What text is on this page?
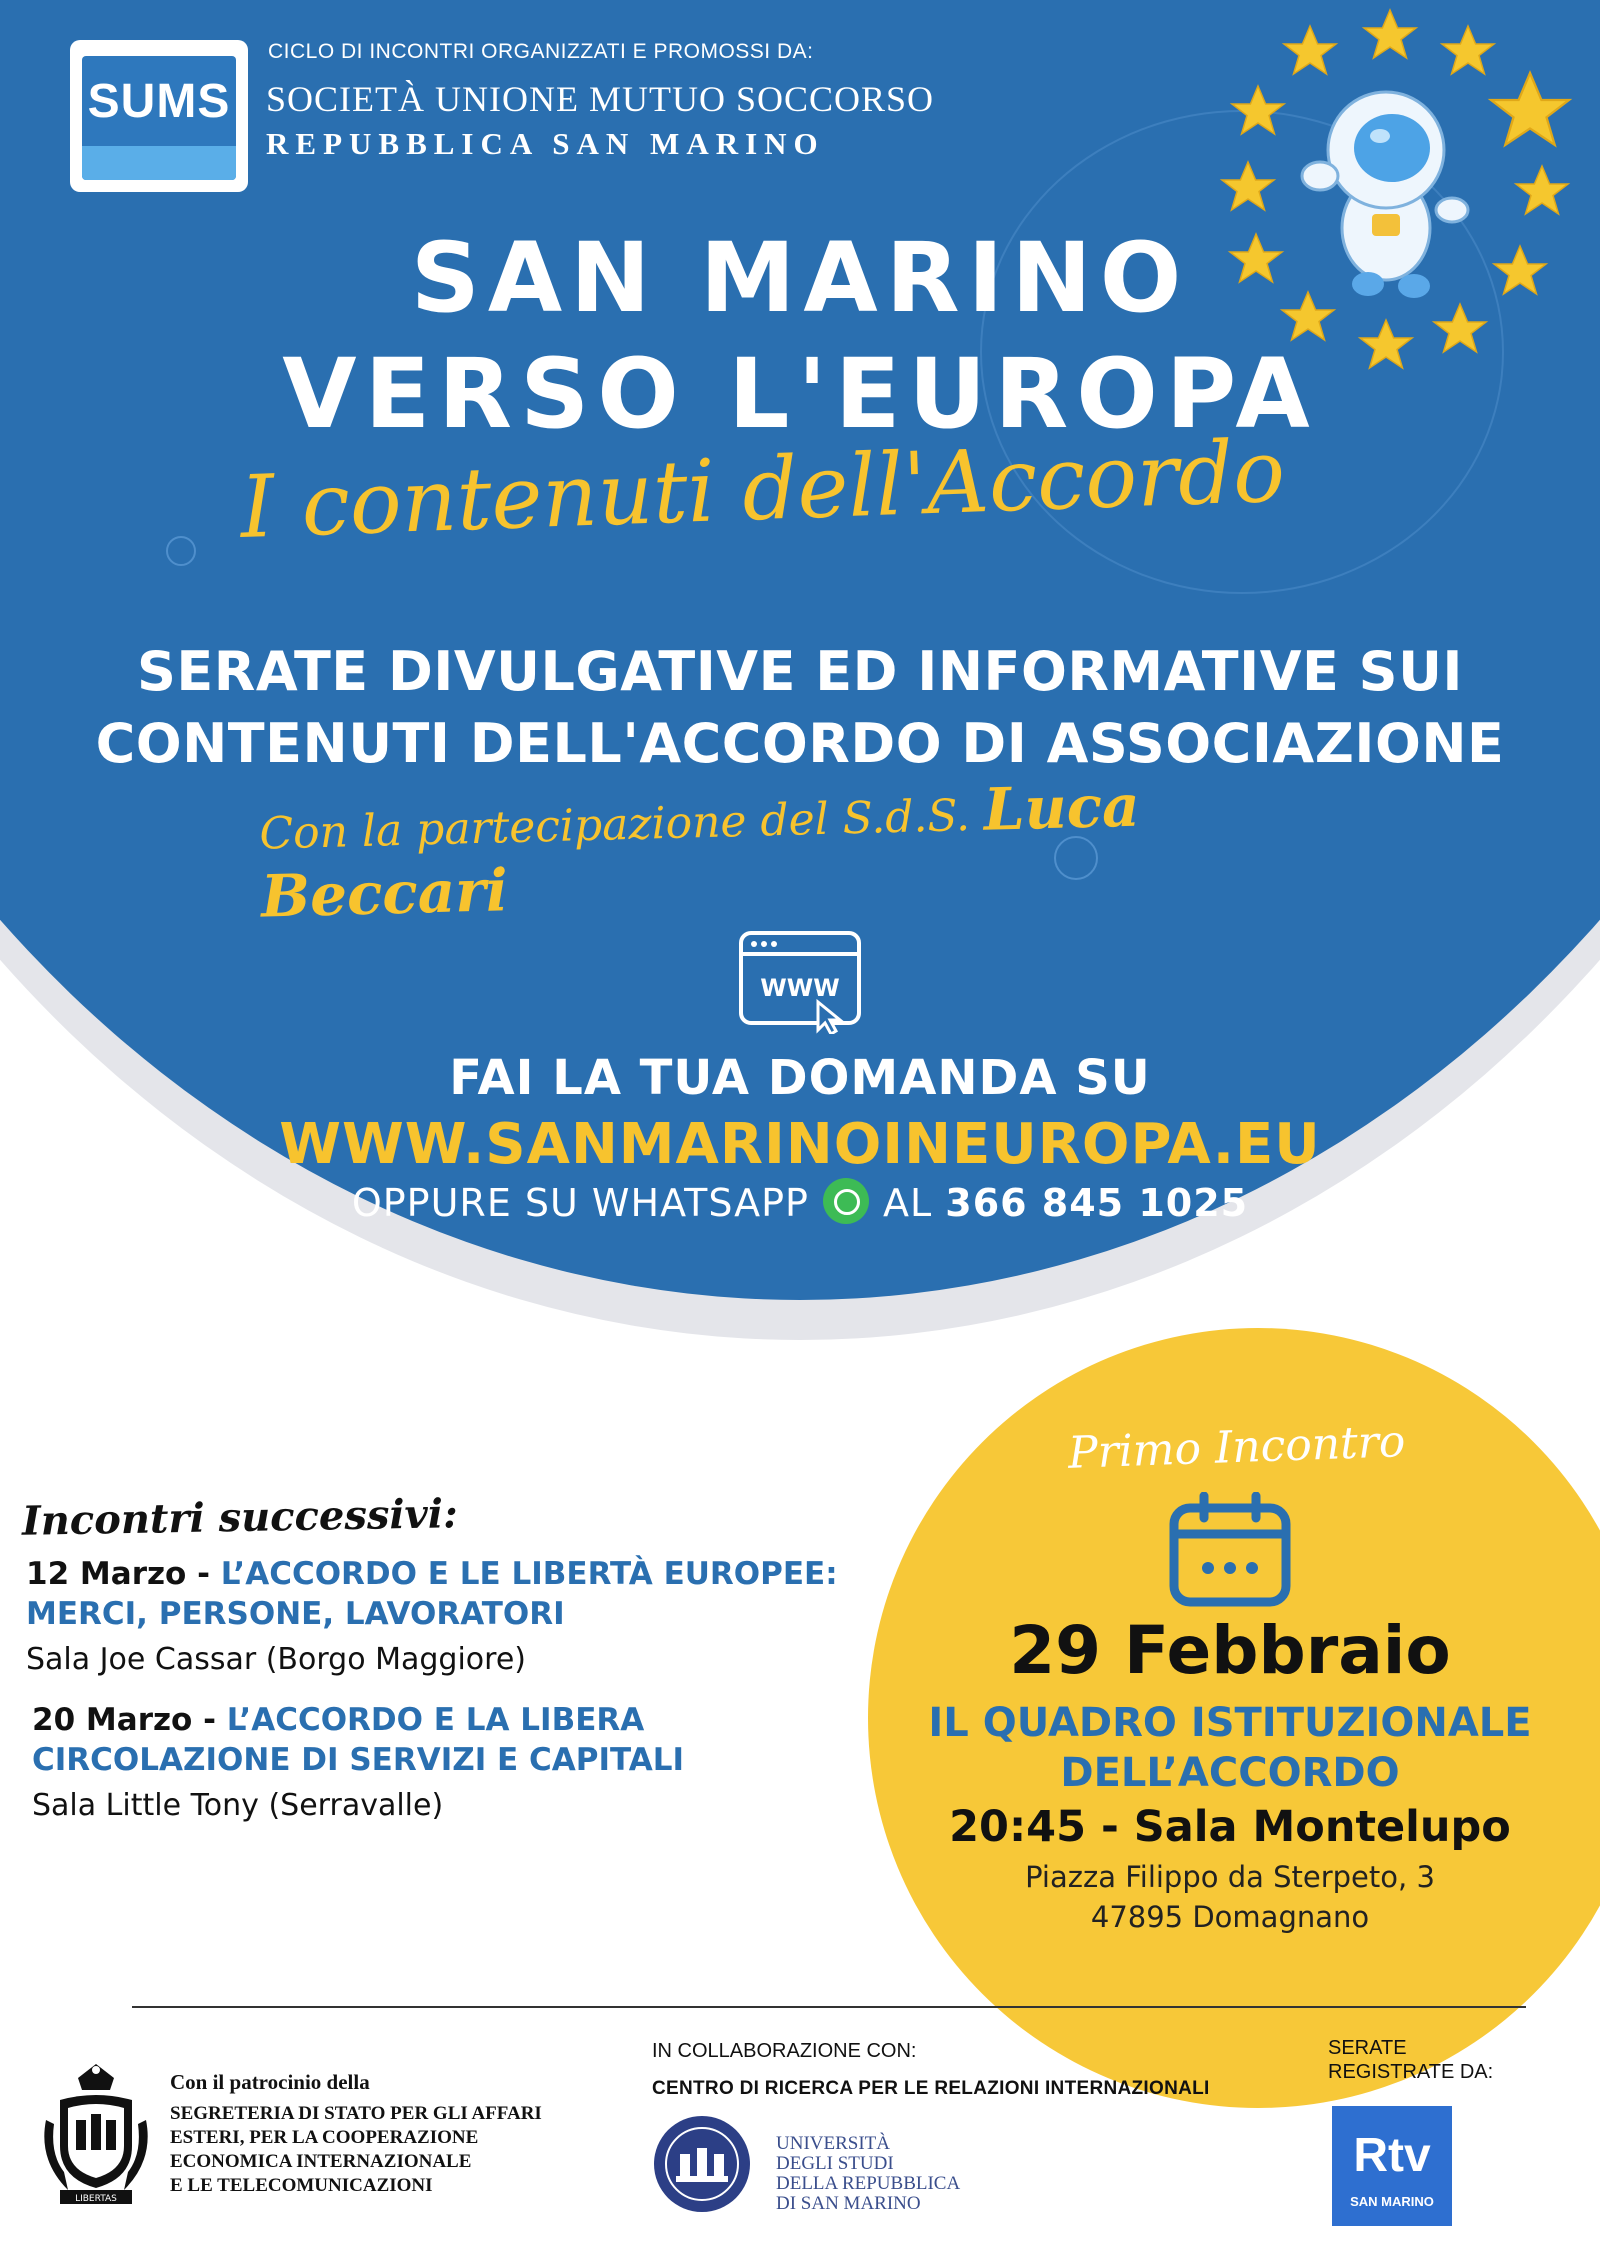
SUMS
CICLO DI INCONTRI ORGANIZZATI E PROMOSSI DA:
SOCIETÀ UNIONE MUTUO SOCCORSO
REPUBBLICA SAN MARINO
SAN MARINO
VERSO L'EUROPA
I contenuti dell'Accordo
SERATE DIVULGATIVE ED INFORMATIVE SUI
CONTENUTI DELL'ACCORDO DI ASSOCIAZIONE
Con la partecipazione del S.d.S. Luca Beccari
WWW
FAI LA TUA DOMANDA SU
WWW.SANMARINOINEUROPA.EU
OPPURE SU WHATSAPP AL 366 845 1025
Primo Incontro
29 Febbraio
IL QUADRO ISTITUZIONALE
DELL’ACCORDO
20:45 - Sala Montelupo
Piazza Filippo da Sterpeto, 3
47895 Domagnano
Incontri successivi:
12 Marzo - L’ACCORDO E LE LIBERTÀ EUROPEE:
MERCI, PERSONE, LAVORATORI
Sala Joe Cassar (Borgo Maggiore)
20 Marzo - L’ACCORDO E LA LIBERA
CIRCOLAZIONE DI SERVIZI E CAPITALI
Sala Little Tony (Serravalle)
LIBERTAS
Con il patrocinio della
SEGRETERIA DI STATO PER GLI AFFARI
ESTERI, PER LA COOPERAZIONE
ECONOMICA INTERNAZIONALE
E LE TELECOMUNICAZIONI
IN COLLABORAZIONE CON:
CENTRO DI RICERCA PER LE RELAZIONI INTERNAZIONALI
UNIVERSITÀ
DEGLI STUDI
DELLA REPUBBLICA
DI SAN MARINO
SERATE
REGISTRATE DA:
Rtv
SAN MARINO
